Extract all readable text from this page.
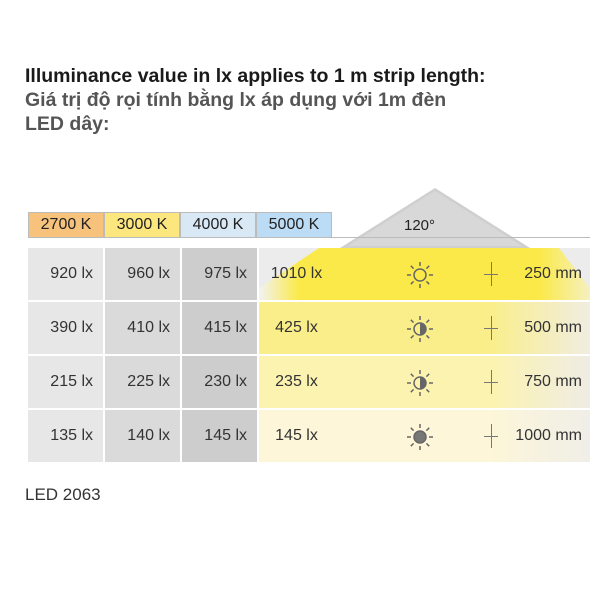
Illuminance value in lx applies to 1 m strip length:
Giá trị độ rọi tính bằng lx áp dụng với 1m đèn
LED dây:
120°
2700 K	3000 K	4000 K	5000 K
920 lx	960 lx	975 lx	1010 lx	250 mm
390 lx	410 lx	415 lx	425 lx	500 mm
215 lx	225 lx	230 lx	235 lx	750 mm
135 lx	140 lx	145 lx	145 lx	1000 mm
LED 2063
